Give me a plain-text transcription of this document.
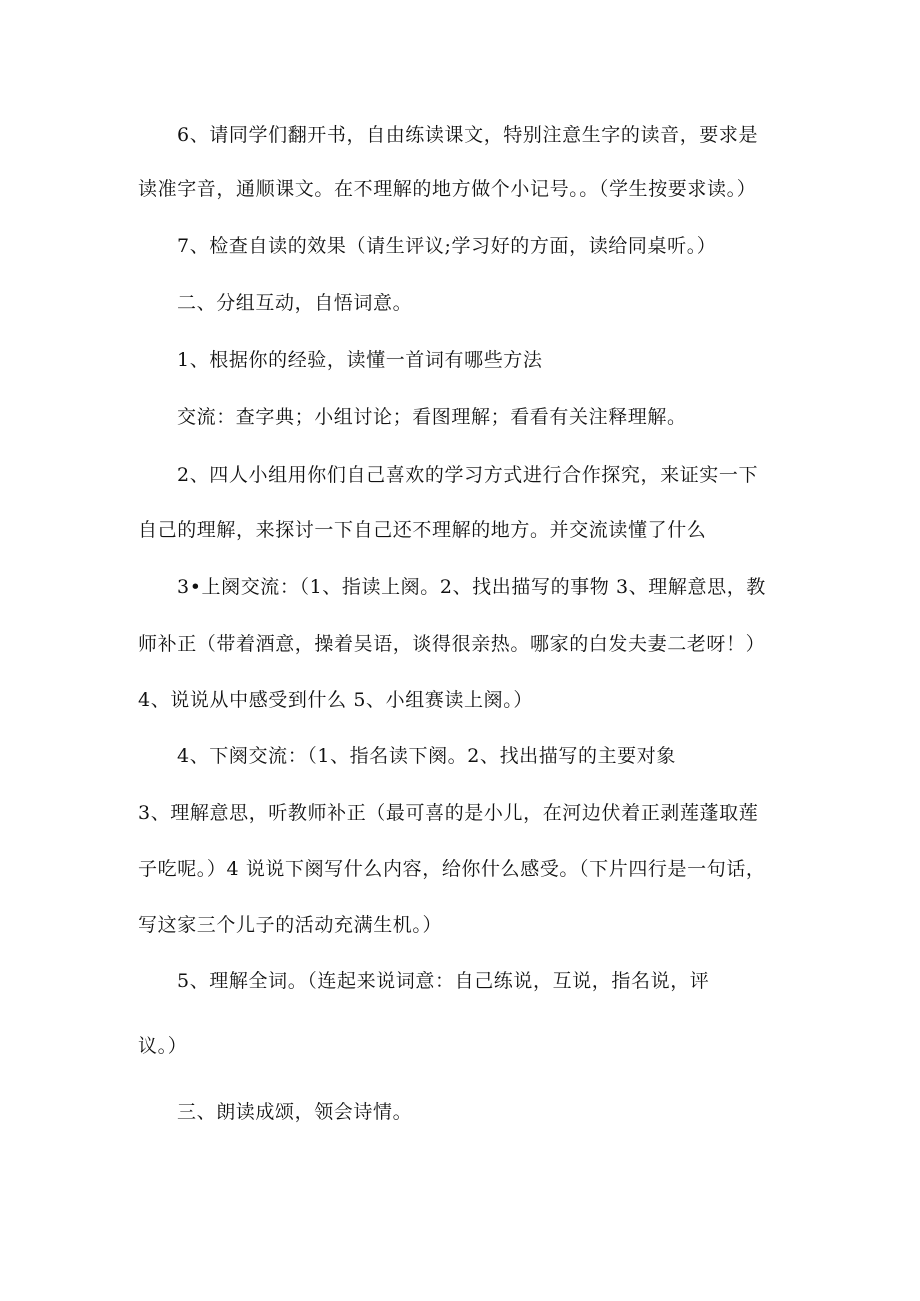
6、请同学们翻开书，自由练读课文，特别注意生字的读音，要求是
读准字音，通顺课文。在不理解的地方做个小记号。。（学生按要求读。）
7、检查自读的效果（请生评议;学习好的方面，读给同桌听。）
二、分组互动，自悟词意。
1、根据你的经验，读懂一首词有哪些方法
交流：查字典；小组讨论；看图理解；看看有关注释理解。
2、四人小组用你们自己喜欢的学习方式进行合作探究，来证实一下
自己的理解，来探讨一下自己还不理解的地方。并交流读懂了什么
3•上阕交流：（1、指读上阕。2、找出描写的事物 3、理解意思，教
师补正（带着酒意，操着吴语，谈得很亲热。哪家的白发夫妻二老呀！）
4、说说从中感受到什么 5、小组赛读上阕。）
4、下阕交流：（1、指名读下阕。2、找出描写的主要对象
3、理解意思，听教师补正（最可喜的是小儿，在河边伏着正剥莲蓬取莲
子吃呢。）4 说说下阕写什么内容，给你什么感受。（下片四行是一句话，
写这家三个儿子的活动充满生机。）
5、理解全词。（连起来说词意：自己练说，互说，指名说，评
议。）
三、朗读成颂，领会诗情。
